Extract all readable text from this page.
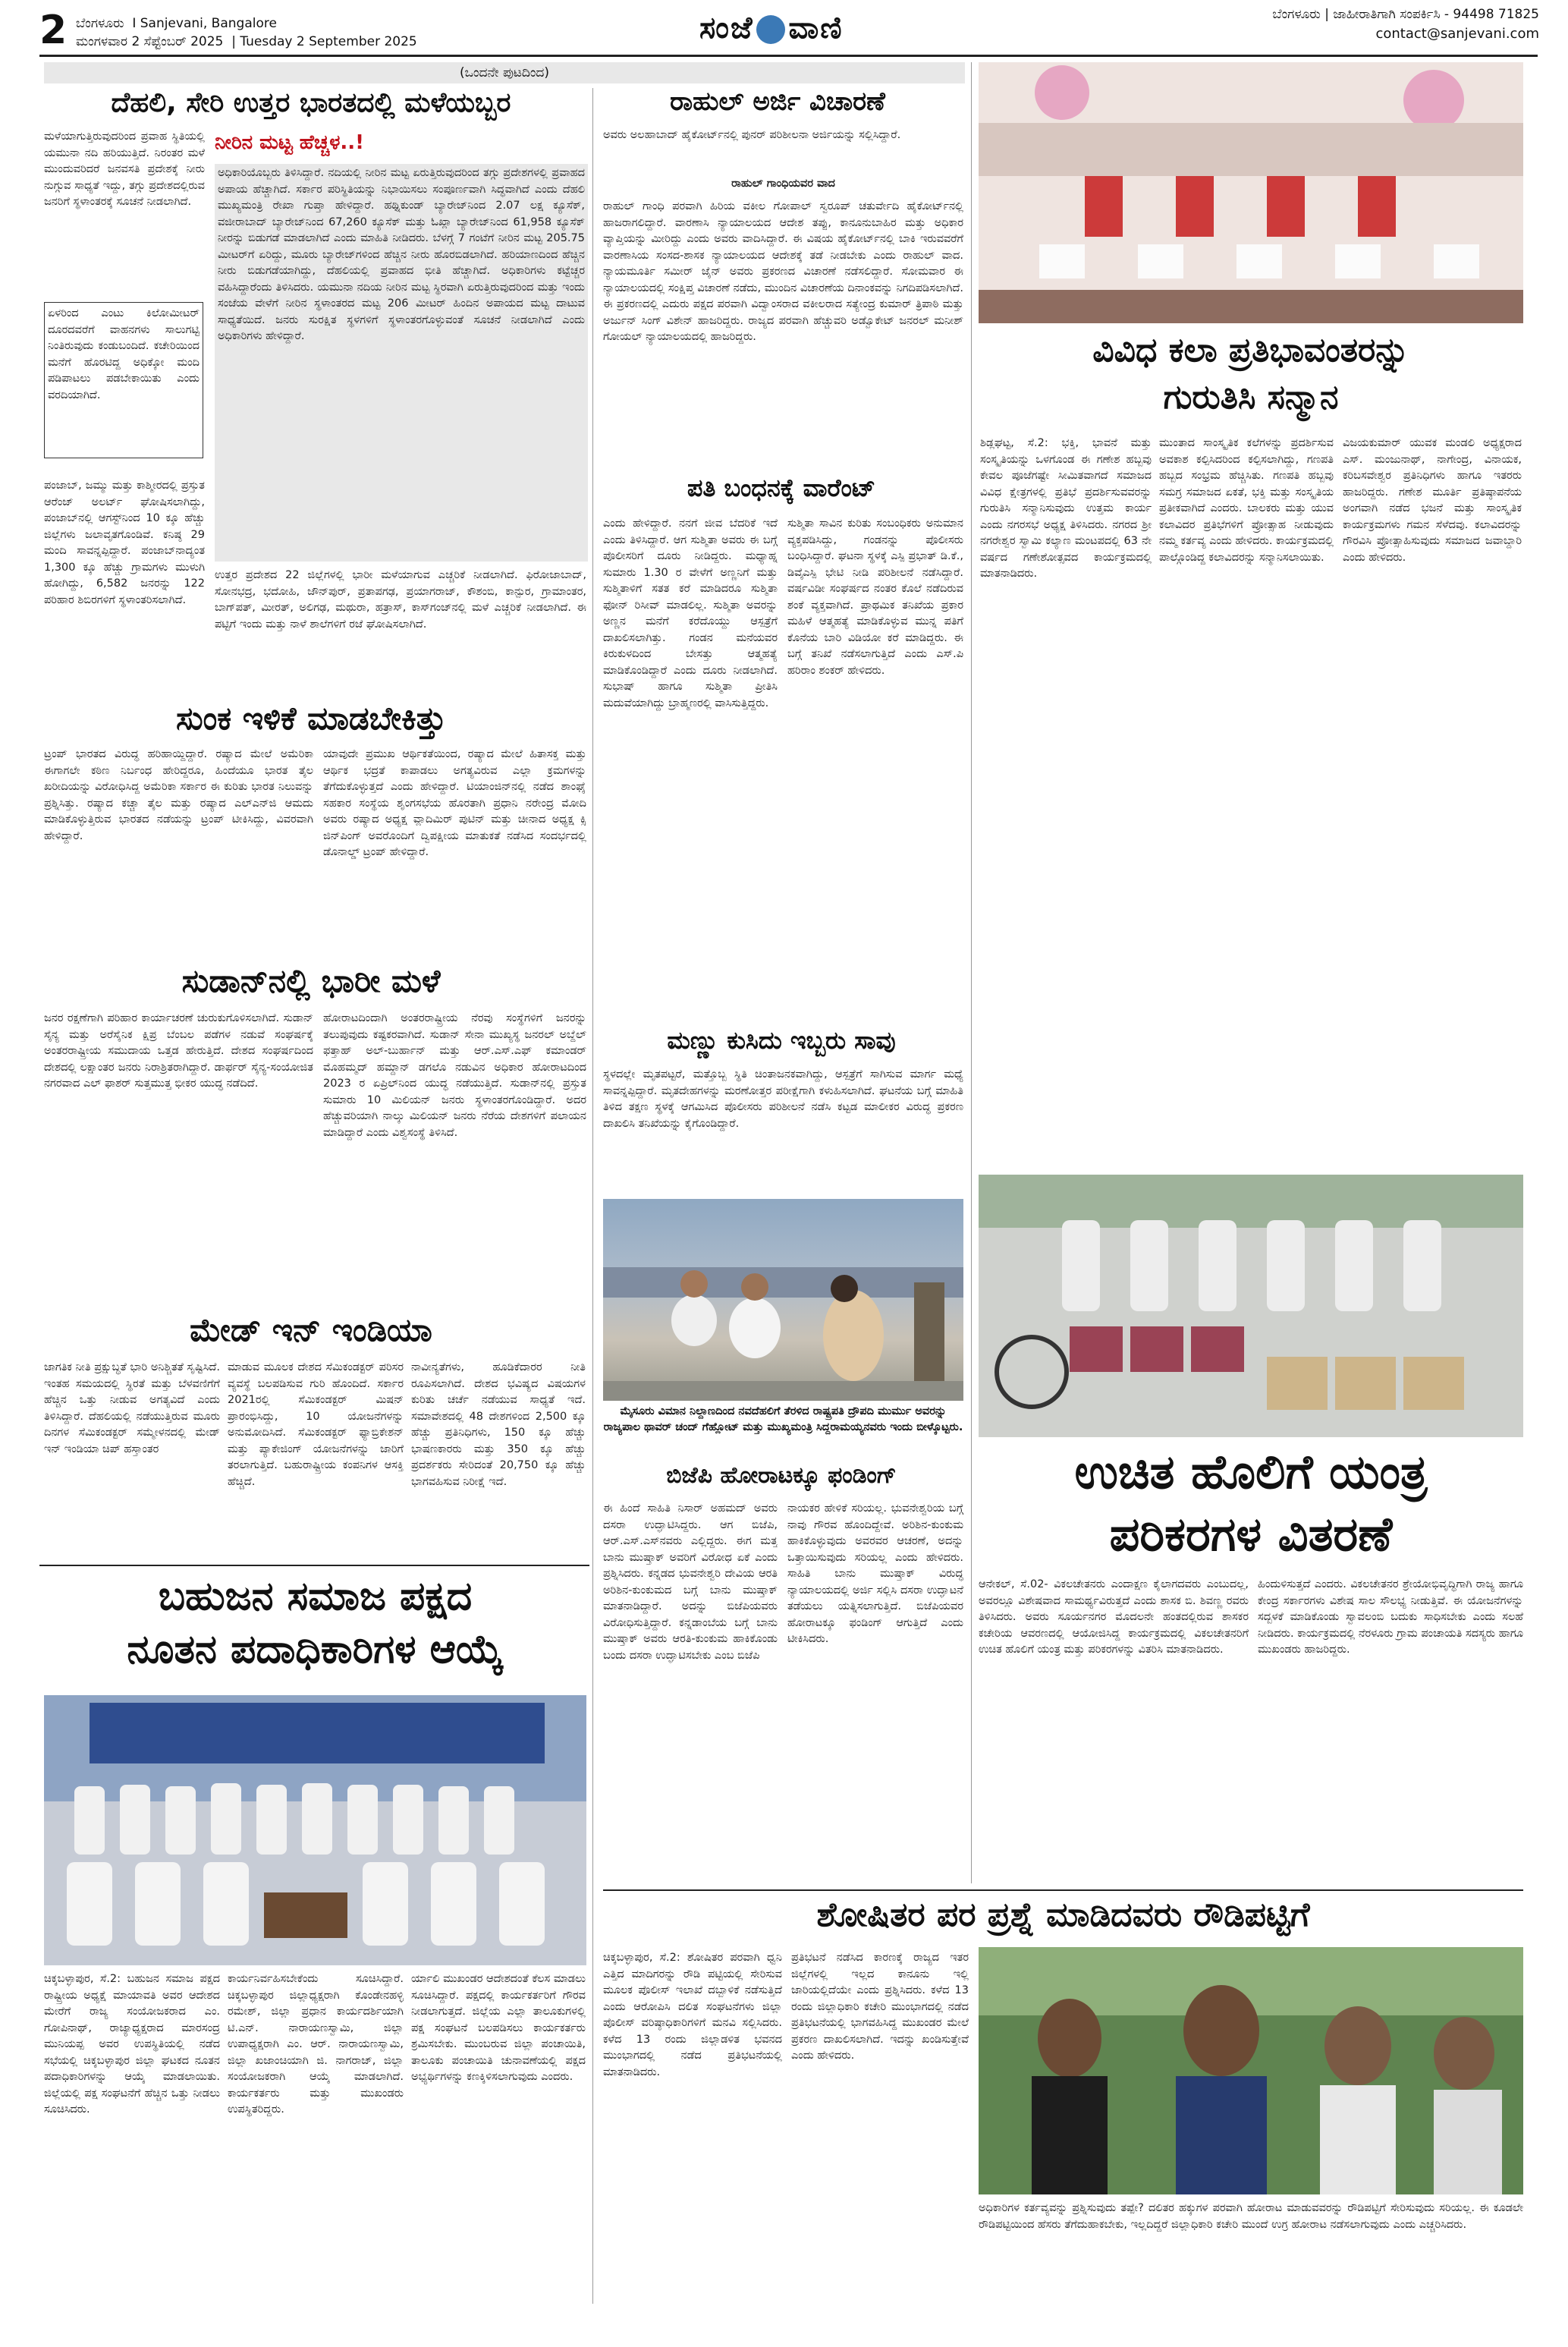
2 ಬೆಂಗಳೂರು I Sanjevani, Bangalore
ಮಂಗಳವಾರ 2 ಸೆಪ್ಟೆಂಬರ್ 2025 | Tuesday 2 September 2025	ಸಂಜೆ ವಾಣಿ	ಬೆಂಗಳೂರು | ಜಾಹೀರಾತಿಗಾಗಿ ಸಂಪರ್ಕಿಸಿ - 94498 71825
contact@sanjevani.com
(ಒಂದನೇ ಪುಟದಿಂದ)
ದೆಹಲಿ, ಸೇರಿ ಉತ್ತರ ಭಾರತದಲ್ಲಿ ಮಳೆಯಬ್ಬರ
ಮಳೆಯಾಗುತ್ತಿರುವುದರಿಂದ ಪ್ರವಾಹ ಸ್ಥಿತಿಯಲ್ಲಿ ಯಮುನಾ ನದಿ ಹರಿಯುತ್ತಿದೆ. ನಿರಂತರ ಮಳೆ ಮುಂದುವರಿದರೆ ಜನವಸತಿ ಪ್ರದೇಶಕ್ಕೆ ನೀರು ನುಗ್ಗುವ ಸಾಧ್ಯತೆ ಇದ್ದು, ತಗ್ಗು ಪ್ರದೇಶದಲ್ಲಿರುವ ಜನರಿಗೆ ಸ್ಥಳಾಂತರಕ್ಕೆ ಸೂಚನೆ ನೀಡಲಾಗಿದೆ.
ಏಳರಿಂದ ಎಂಟು ಕಿಲೋಮೀಟರ್ ದೂರದವರೆಗೆ ವಾಹನಗಳು ಸಾಲುಗಟ್ಟಿ ನಿಂತಿರುವುದು ಕಂಡುಬಂದಿದೆ. ಕಚೇರಿಯಿಂದ ಮನೆಗೆ ಹೊರಟಿದ್ದ ಅಧಿಕ್ಕೋ ಮಂದಿ ಪಡಿಪಾಟಲು ಪಡಬೇಕಾಯಿತು ಎಂದು ವರದಿಯಾಗಿದೆ.
ಪಂಜಾಬ್, ಜಮ್ಮು ಮತ್ತು ಕಾಶ್ಮೀರದಲ್ಲಿ ಪ್ರಸ್ತುತ ಆರೆಂಜ್ ಅಲರ್ಟ್ ಘೋಷಿಸಲಾಗಿದ್ದು, ಪಂಜಾಬ್‌ನಲ್ಲಿ ಆಗಸ್ಟ್‌ನಿಂದ 10 ಕ್ಕೂ ಹೆಚ್ಚು ಜಿಲ್ಲೆಗಳು ಜಲಾವೃತಗೊಂಡಿವೆ. ಕನಿಷ್ಠ 29 ಮಂದಿ ಸಾವನ್ನಪ್ಪಿದ್ದಾರೆ. ಪಂಜಾಬ್‌ನಾದ್ಯಂತ 1,300 ಕ್ಕೂ ಹೆಚ್ಚು ಗ್ರಾಮಗಳು ಮುಳುಗಿ ಹೋಗಿದ್ದು, 6,582 ಜನರನ್ನು 122 ಪರಿಹಾರ ಶಿಬಿರಗಳಿಗೆ ಸ್ಥಳಾಂತರಿಸಲಾಗಿದೆ.
ನೀರಿನ ಮಟ್ಟ ಹೆಚ್ಚಳ..!
ಅಧಿಕಾರಿಯೊಬ್ಬರು ತಿಳಿಸಿದ್ದಾರೆ. ನದಿಯಲ್ಲಿ ನೀರಿನ ಮಟ್ಟ ಏರುತ್ತಿರುವುದರಿಂದ ತಗ್ಗು ಪ್ರದೇಶಗಳಲ್ಲಿ ಪ್ರವಾಹದ ಅಪಾಯ ಹೆಚ್ಚಾಗಿದೆ. ಸರ್ಕಾರ ಪರಿಸ್ಥಿತಿಯನ್ನು ನಿಭಾಯಿಸಲು ಸಂಪೂರ್ಣವಾಗಿ ಸಿದ್ಧವಾಗಿದೆ ಎಂದು ದೆಹಲಿ ಮುಖ್ಯಮಂತ್ರಿ ರೇಖಾ ಗುಪ್ತಾ ಹೇಳಿದ್ದಾರೆ. ಹಥ್ನಿಕುಂಡ್ ಬ್ಯಾರೇಜ್‌ನಿಂದ 2.07 ಲಕ್ಷ ಕ್ಯೂಸೆಕ್, ವಜೀರಾಬಾದ್ ಬ್ಯಾರೇಜ್‌ನಿಂದ 67,260 ಕ್ಯೂಸೆಕ್ ಮತ್ತು ಓಖ್ಲಾ ಬ್ಯಾರೇಜ್‌ನಿಂದ 61,958 ಕ್ಯೂಸೆಕ್ ನೀರನ್ನು ಬಿಡುಗಡೆ ಮಾಡಲಾಗಿದೆ ಎಂದು ಮಾಹಿತಿ ನೀಡಿದರು. ಬೆಳಗ್ಗೆ 7 ಗಂಟೆಗೆ ನೀರಿನ ಮಟ್ಟ 205.75 ಮೀಟರ್‌ಗೆ ಏರಿದ್ದು, ಮೂರು ಬ್ಯಾರೇಜ್‌ಗಳಿಂದ ಹೆಚ್ಚಿನ ನೀರು ಹೊರಬಿಡಲಾಗಿದೆ. ಹರಿಯಾಣದಿಂದ ಹೆಚ್ಚಿನ ನೀರು ಬಿಡುಗಡೆಯಾಗಿದ್ದು, ದೆಹಲಿಯಲ್ಲಿ ಪ್ರವಾಹದ ಭೀತಿ ಹೆಚ್ಚಾಗಿದೆ. ಅಧಿಕಾರಿಗಳು ಕಟ್ಟೆಚ್ಚರ ವಹಿಸಿದ್ದಾರೆಂದು ತಿಳಿಸಿದರು. ಯಮುನಾ ನದಿಯ ನೀರಿನ ಮಟ್ಟ ಸ್ಥಿರವಾಗಿ ಏರುತ್ತಿರುವುದರಿಂದ ಮತ್ತು ಇಂದು ಸಂಜೆಯ ವೇಳೆಗೆ ನೀರಿನ ಸ್ಥಳಾಂತರದ ಮಟ್ಟ 206 ಮೀಟರ್ ಹಿಂದಿನ ಅಪಾಯದ ಮಟ್ಟ ದಾಟುವ ಸಾಧ್ಯತೆಯಿದೆ. ಜನರು ಸುರಕ್ಷಿತ ಸ್ಥಳಗಳಿಗೆ ಸ್ಥಳಾಂತರಗೊಳ್ಳುವಂತೆ ಸೂಚನೆ ನೀಡಲಾಗಿದೆ ಎಂದು ಅಧಿಕಾರಿಗಳು ಹೇಳಿದ್ದಾರೆ.
ಉತ್ತರ ಪ್ರದೇಶದ 22 ಜಿಲ್ಲೆಗಳಲ್ಲಿ ಭಾರೀ ಮಳೆಯಾಗುವ ಎಚ್ಚರಿಕೆ ನೀಡಲಾಗಿದೆ. ಫಿರೋಜಾಬಾದ್, ಸೋನಭದ್ರ, ಭದೋಹಿ, ಜೌನ್‌ಪುರ್, ಪ್ರತಾಪಗಢ, ಪ್ರಯಾಗರಾಜ್, ಕೌಶಂಬಿ, ಕಾನ್ಪುರ, ಗ್ರಾಮಾಂತರ, ಬಾಗ್‌ಪತ್, ಮೀರತ್, ಅಲಿಗಢ, ಮಥುರಾ, ಹತ್ರಾಸ್, ಕಾಸ್‌ಗಂಜ್‌ನಲ್ಲಿ ಮಳೆ ಎಚ್ಚರಿಕೆ ನೀಡಲಾಗಿದೆ. ಈ ಪಟ್ಟಿಗೆ ಇಂದು ಮತ್ತು ನಾಳೆ ಶಾಲೆಗಳಿಗೆ ರಜೆ ಘೋಷಿಸಲಾಗಿದೆ.
ರಾಹುಲ್ ಅರ್ಜಿ ವಿಚಾರಣೆ
ಅವರು ಅಲಹಾಬಾದ್ ಹೈಕೋರ್ಟ್‌ನಲ್ಲಿ ಪುನರ್ ಪರಿಶೀಲನಾ ಅರ್ಜಿಯನ್ನು ಸಲ್ಲಿಸಿದ್ದಾರೆ.
ರಾಹುಲ್ ಗಾಂಧಿಯವರ ವಾದ
ರಾಹುಲ್ ಗಾಂಧಿ ಪರವಾಗಿ ಹಿರಿಯ ವಕೀಲ ಗೋಪಾಲ್ ಸ್ವರೂಪ್ ಚತುರ್ವೇದಿ ಹೈಕೋರ್ಟ್‌ನಲ್ಲಿ ಹಾಜರಾಗಲಿದ್ದಾರೆ. ವಾರಣಾಸಿ ನ್ಯಾಯಾಲಯದ ಆದೇಶ ತಪ್ಪು, ಕಾನೂನುಬಾಹಿರ ಮತ್ತು ಅಧಿಕಾರ ವ್ಯಾಪ್ತಿಯನ್ನು ಮೀರಿದ್ದು ಎಂದು ಅವರು ವಾದಿಸಿದ್ದಾರೆ. ಈ ವಿಷಯ ಹೈಕೋರ್ಟ್‌ನಲ್ಲಿ ಬಾಕಿ ಇರುವವರೆಗೆ ವಾರಣಾಸಿಯ ಸಂಸದ-ಶಾಸಕ ನ್ಯಾಯಾಲಯದ ಆದೇಶಕ್ಕೆ ತಡೆ ನೀಡಬೇಕು ಎಂದು ರಾಹುಲ್ ವಾದ. ನ್ಯಾಯಮೂರ್ತಿ ಸಮೀರ್ ಜೈನ್ ಅವರು ಪ್ರಕರಣದ ವಿಚಾರಣೆ ನಡೆಸಲಿದ್ದಾರೆ. ಸೋಮವಾರ ಈ ನ್ಯಾಯಾಲಯದಲ್ಲಿ ಸಂಕ್ಷಿಪ್ತ ವಿಚಾರಣೆ ನಡೆದು, ಮುಂದಿನ ವಿಚಾರಣೆಯ ದಿನಾಂಕವನ್ನು ನಿಗದಿಪಡಿಸಲಾಗಿದೆ. ಈ ಪ್ರಕರಣದಲ್ಲಿ ಎದುರು ಪಕ್ಷದ ಪರವಾಗಿ ವಿದ್ವಾಂಸರಾದ ವಕೀಲರಾದ ಸತ್ಯೇಂದ್ರ ಕುಮಾರ್ ತ್ರಿಪಾಠಿ ಮತ್ತು ಅರ್ಜುನ್ ಸಿಂಗ್ ವಿಶೇನ್ ಹಾಜರಿದ್ದರು. ರಾಜ್ಯದ ಪರವಾಗಿ ಹೆಚ್ಚುವರಿ ಅಡ್ವೊಕೇಟ್ ಜನರಲ್ ಮನೀಶ್ ಗೋಯಲ್ ನ್ಯಾಯಾಲಯದಲ್ಲಿ ಹಾಜರಿದ್ದರು.
ಪತಿ ಬಂಧನಕ್ಕೆ ವಾರೆಂಟ್
ಎಂದು ಹೇಳಿದ್ದಾರೆ. ನನಗೆ ಜೀವ ಬೆದರಿಕೆ ಇದೆ ಎಂದು ತಿಳಿಸಿದ್ದಾರೆ. ಆಗ ಸುಶ್ಮಿತಾ ಅವರು ಈ ಬಗ್ಗೆ ಪೊಲೀಸರಿಗೆ ದೂರು ನೀಡಿದ್ದರು. ಮಧ್ಯಾಹ್ನ ಸುಮಾರು 1.30 ರ ವೇಳೆಗೆ ಅಣ್ಣನಿಗೆ ಮತ್ತು ಸುಶ್ಮಿತಾಳಿಗೆ ಸತತ ಕರೆ ಮಾಡಿದರೂ ಸುಶ್ಮಿತಾ ಫೋನ್ ರಿಸೀವ್ ಮಾಡಲಿಲ್ಲ. ಸುಶ್ಮಿತಾ ಅವರನ್ನು ಅಣ್ಣನ ಮನೆಗೆ ಕರೆದೊಯ್ದು ಆಸ್ಪತ್ರೆಗೆ ದಾಖಲಿಸಲಾಗಿತ್ತು. ಗಂಡನ ಮನೆಯವರ ಕಿರುಕುಳದಿಂದ ಬೇಸತ್ತು ಆತ್ಮಹತ್ಯೆ ಮಾಡಿಕೊಂಡಿದ್ದಾರೆ ಎಂದು ದೂರು ನೀಡಲಾಗಿದೆ. ಸುಭಾಷ್ ಹಾಗೂ ಸುಶ್ಮಿತಾ ಪ್ರೀತಿಸಿ ಮದುವೆಯಾಗಿದ್ದು ಬ್ರಾಹ್ಮಣರಲ್ಲಿ ವಾಸಿಸುತ್ತಿದ್ದರು.
ಸುಶ್ಮಿತಾ ಸಾವಿನ ಕುರಿತು ಸಂಬಂಧಿಕರು ಅನುಮಾನ ವ್ಯಕ್ತಪಡಿಸಿದ್ದು, ಗಂಡನನ್ನು ಪೊಲೀಸರು ಬಂಧಿಸಿದ್ದಾರೆ. ಘಟನಾ ಸ್ಥಳಕ್ಕೆ ಎಸ್ಪಿ ಪ್ರಭಾತ್ ಡಿ.ಕೆ., ಡಿವೈಎಸ್ಪಿ ಭೇಟಿ ನೀಡಿ ಪರಿಶೀಲನೆ ನಡೆಸಿದ್ದಾರೆ. ವರ್ಷವಿಡೀ ಸಂಘರ್ಷದ ನಂತರ ಕೊಲೆ ನಡೆದಿರುವ ಶಂಕೆ ವ್ಯಕ್ತವಾಗಿದೆ. ಪ್ರಾಥಮಿಕ ತನಿಖೆಯ ಪ್ರಕಾರ ಮಹಿಳೆ ಆತ್ಮಹತ್ಯೆ ಮಾಡಿಕೊಳ್ಳುವ ಮುನ್ನ ಪತಿಗೆ ಕೊನೆಯ ಬಾರಿ ವಿಡಿಯೋ ಕರೆ ಮಾಡಿದ್ದರು. ಈ ಬಗ್ಗೆ ತನಿಖೆ ನಡೆಸಲಾಗುತ್ತಿದೆ ಎಂದು ಎಸ್.ಪಿ ಹರಿರಾಂ ಶಂಕರ್ ಹೇಳಿದರು.
ಮಣ್ಣು ಕುಸಿದು ಇಬ್ಬರು ಸಾವು
ಸ್ಥಳದಲ್ಲೇ ಮೃತಪಟ್ಟರೆ, ಮತ್ತೊಬ್ಬ ಸ್ಥಿತಿ ಚಿಂತಾಜನಕವಾಗಿದ್ದು, ಆಸ್ಪತ್ರೆಗೆ ಸಾಗಿಸುವ ಮಾರ್ಗ ಮಧ್ಯೆ ಸಾವನ್ನಪ್ಪಿದ್ದಾರೆ. ಮೃತದೇಹಗಳನ್ನು ಮರಣೋತ್ತರ ಪರೀಕ್ಷೆಗಾಗಿ ಕಳುಹಿಸಲಾಗಿದೆ. ಘಟನೆಯ ಬಗ್ಗೆ ಮಾಹಿತಿ ತಿಳಿದ ತಕ್ಷಣ ಸ್ಥಳಕ್ಕೆ ಆಗಮಿಸಿದ ಪೊಲೀಸರು ಪರಿಶೀಲನೆ ನಡೆಸಿ ಕಟ್ಟಡ ಮಾಲೀಕರ ವಿರುದ್ಧ ಪ್ರಕರಣ ದಾಖಲಿಸಿ ತನಿಖೆಯನ್ನು ಕೈಗೊಂಡಿದ್ದಾರೆ.
ಮೈಸೂರು ವಿಮಾನ ನಿಲ್ದಾಣದಿಂದ ನವದೆಹಲಿಗೆ ತೆರಳಿದ ರಾಷ್ಟ್ರಪತಿ ದ್ರೌಪದಿ ಮುರ್ಮು ಅವರನ್ನು ರಾಜ್ಯಪಾಲ ಥಾವರ್ ಚಂದ್ ಗೆಹ್ಲೋಟ್ ಮತ್ತು ಮುಖ್ಯಮಂತ್ರಿ ಸಿದ್ದರಾಮಯ್ಯನವರು ಇಂದು ಬೀಳ್ಕೊಟ್ಟರು.
ಬಿಜೆಪಿ ಹೋರಾಟಕ್ಕೂ ಫಂಡಿಂಗ್
ಈ ಹಿಂದೆ ಸಾಹಿತಿ ನಿಸಾರ್ ಅಹಮದ್ ಅವರು ದಸರಾ ಉದ್ಘಾಟಿಸಿದ್ದರು. ಆಗ ಬಿಜೆಪಿ, ಆರ್.ಎಸ್.ಎಸ್‌ನವರು ಎಲ್ಲಿದ್ದರು. ಈಗ ಮತ್ತ ಬಾನು ಮುಷ್ತಾಕ್ ಅವರಿಗೆ ವಿರೋಧ ಏಕೆ ಎಂದು ಪ್ರಶ್ನಿಸಿದರು. ಕನ್ನಡದ ಭುವನೇಶ್ವರಿ ದೇವಿಯ ಆರತಿ ಅರಿಶಿನ-ಕುಂಕುಮದ ಬಗ್ಗೆ ಬಾನು ಮುಷ್ತಾಕ್ ಮಾತನಾಡಿದ್ದಾರೆ. ಅದನ್ನು ಬಿಜೆಪಿಯವರು ವಿರೋಧಿಸುತ್ತಿದ್ದಾರೆ. ಕನ್ನಡಾಂಬೆಯ ಬಗ್ಗೆ ಬಾನು ಮುಷ್ತಾಕ್ ಅವರು ಆರತಿ-ಕುಂಕುಮ ಹಾಕಿಕೊಂಡು ಬಂದು ದಸರಾ ಉದ್ಘಾಟಿಸಬೇಕು ಎಂಬ ಬಿಜೆಪಿ
ನಾಯಕರ ಹೇಳಿಕೆ ಸರಿಯಲ್ಲ. ಭುವನೇಶ್ವರಿಯ ಬಗ್ಗೆ ನಾವು ಗೌರವ ಹೊಂದಿದ್ದೇವೆ. ಅರಿಶಿನ-ಕುಂಕುಮ ಹಾಕಿಕೊಳ್ಳುವುದು ಅವರವರ ಆಚರಣೆ, ಅದನ್ನು ಒತ್ತಾಯಿಸುವುದು ಸರಿಯಲ್ಲ ಎಂದು ಹೇಳಿದರು. ಸಾಹಿತಿ ಬಾನು ಮುಷ್ತಾಕ್ ವಿರುದ್ಧ ನ್ಯಾಯಾಲಯದಲ್ಲಿ ಅರ್ಜಿ ಸಲ್ಲಿಸಿ ದಸರಾ ಉದ್ಘಾಟನೆ ತಡೆಯಲು ಯತ್ನಿಸಲಾಗುತ್ತಿದೆ. ಬಿಜೆಪಿಯವರ ಹೋರಾಟಕ್ಕೂ ಫಂಡಿಂಗ್ ಆಗುತ್ತಿದೆ ಎಂದು ಟೀಕಿಸಿದರು.
ಸುಂಕ ಇಳಿಕೆ ಮಾಡಬೇಕಿತ್ತು
ಟ್ರಂಪ್ ಭಾರತದ ವಿರುದ್ಧ ಹರಿಹಾಯ್ದಿದ್ದಾರೆ. ರಷ್ಯಾದ ಮೇಲೆ ಅಮೆರಿಕಾ ಈಗಾಗಲೇ ಕಠಿಣ ನಿರ್ಬಂಧ ಹೇರಿದ್ದರೂ, ಹಿಂದೆಯೂ ಭಾರತ ತೈಲ ಖರೀದಿಯನ್ನು ವಿರೋಧಿಸಿದ್ದ ಅಮೆರಿಕಾ ಸರ್ಕಾರ ಈ ಕುರಿತು ಭಾರತ ನಿಲುವನ್ನು ಪ್ರಶ್ನಿಸಿತ್ತು. ರಷ್ಯಾದ ಕಚ್ಚಾ ತೈಲ ಮತ್ತು ರಷ್ಯಾದ ಎಲ್‌ಎನ್‌ಜಿ ಆಮದು ಮಾಡಿಕೊಳ್ಳುತ್ತಿರುವ ಭಾರತದ ನಡೆಯನ್ನು ಟ್ರಂಪ್ ಟೀಕಿಸಿದ್ದು, ವಿವರವಾಗಿ ಹೇಳಿದ್ದಾರೆ.
ಯಾವುದೇ ಪ್ರಮುಖ ಆರ್ಥಿಕತೆಯಿಂದ, ರಷ್ಯಾದ ಮೇಲೆ ಹಿತಾಸಕ್ತ ಮತ್ತು ಆರ್ಥಿಕ ಭದ್ರತೆ ಕಾಪಾಡಲು ಅಗತ್ಯವಿರುವ ಎಲ್ಲಾ ಕ್ರಮಗಳನ್ನು ತೆಗೆದುಕೊಳ್ಳುತ್ತದೆ ಎಂದು ಹೇಳಿದ್ದಾರೆ. ಟಿಯಾಂಜಿನ್‌ನಲ್ಲಿ ನಡೆದ ಶಾಂಘೈ ಸಹಕಾರ ಸಂಸ್ಥೆಯ ಶೃಂಗಸಭೆಯ ಹೊರತಾಗಿ ಪ್ರಧಾನಿ ನರೇಂದ್ರ ಮೋದಿ ಅವರು ರಷ್ಯಾದ ಅಧ್ಯಕ್ಷ ವ್ಲಾದಿಮಿರ್ ಪುಟಿನ್ ಮತ್ತು ಚೀನಾದ ಅಧ್ಯಕ್ಷ ಕ್ಸಿ ಜಿನ್‌ಪಿಂಗ್ ಅವರೊಂದಿಗೆ ದ್ವಿಪಕ್ಷೀಯ ಮಾತುಕತೆ ನಡೆಸಿದ ಸಂದರ್ಭದಲ್ಲಿ ಡೊನಾಲ್ಡ್ ಟ್ರಂಪ್ ಹೇಳಿದ್ದಾರೆ.
ಸುಡಾನ್‌ನಲ್ಲಿ ಭಾರೀ ಮಳೆ
ಜನರ ರಕ್ಷಣೆಗಾಗಿ ಪರಿಹಾರ ಕಾರ್ಯಾಚರಣೆ ಚುರುಕುಗೊಳಿಸಲಾಗಿದೆ. ಸುಡಾನ್ ಸೈನ್ಯ ಮತ್ತು ಅರೆಸೈನಿಕ ಕ್ಷಿಪ್ರ ಬೆಂಬಲ ಪಡೆಗಳ ನಡುವೆ ಸಂಘರ್ಷಕ್ಕೆ ಅಂತರರಾಷ್ಟ್ರೀಯ ಸಮುದಾಯ ಒತ್ತಡ ಹೇರುತ್ತಿದೆ. ದೇಶದ ಸಂಘರ್ಷದಿಂದ ದೇಶದಲ್ಲಿ ಲಕ್ಷಾಂತರ ಜನರು ನಿರಾಶ್ರಿತರಾಗಿದ್ದಾರೆ. ಡಾರ್ಫರ್ ಸೈನ್ಯ-ಸಂಯೋಜಿತ ನಗರವಾದ ಎಲ್ ಫಾಶರ್ ಸುತ್ತಮುತ್ತ ಭೀಕರ ಯುದ್ಧ ನಡೆದಿದೆ.
ಹೋರಾಟದಿಂದಾಗಿ ಅಂತರರಾಷ್ಟ್ರೀಯ ನೆರವು ಸಂಸ್ಥೆಗಳಿಗೆ ಜನರನ್ನು ತಲುಪುವುದು ಕಷ್ಟಕರವಾಗಿದೆ. ಸುಡಾನ್ ಸೇನಾ ಮುಖ್ಯಸ್ಥ ಜನರಲ್ ಅಬ್ದೆಲ್ ಫತ್ತಾಹ್ ಅಲ್-ಬುರ್ಹಾನ್ ಮತ್ತು ಆರ್.ಎಸ್.ಎಫ್ ಕಮಾಂಡರ್ ಮೊಹಮ್ಮದ್ ಹಮ್ದಾನ್ ಡಗಲೊ ನಡುವಿನ ಅಧಿಕಾರ ಹೋರಾಟದಿಂದ 2023 ರ ಏಪ್ರಿಲ್‌ನಿಂದ ಯುದ್ಧ ನಡೆಯುತ್ತಿದೆ. ಸುಡಾನ್‌ನಲ್ಲಿ ಪ್ರಸ್ತುತ ಸುಮಾರು 10 ಮಿಲಿಯನ್ ಜನರು ಸ್ಥಳಾಂತರಗೊಂಡಿದ್ದಾರೆ. ಅದರ ಹೆಚ್ಚುವರಿಯಾಗಿ ನಾಲ್ಕು ಮಿಲಿಯನ್ ಜನರು ನೆರೆಯ ದೇಶಗಳಿಗೆ ಪಲಾಯನ ಮಾಡಿದ್ದಾರೆ ಎಂದು ವಿಶ್ವಸಂಸ್ಥೆ ತಿಳಿಸಿದೆ.
ಮೇಡ್ ಇನ್ ಇಂಡಿಯಾ
ಜಾಗತಿಕ ನೀತಿ ಪ್ರಕ್ಷುಬ್ಧತೆ ಭಾರಿ ಅನಿಶ್ಚಿತತೆ ಸೃಷ್ಟಿಸಿದೆ. ಇಂತಹ ಸಮಯದಲ್ಲಿ ಸ್ಥಿರತೆ ಮತ್ತು ಬೆಳವಣಿಗೆಗೆ ಹೆಚ್ಚಿನ ಒತ್ತು ನೀಡುವ ಅಗತ್ಯವಿದೆ ಎಂದು ತಿಳಿಸಿದ್ದಾರೆ. ದೆಹಲಿಯಲ್ಲಿ ನಡೆಯುತ್ತಿರುವ ಮೂರು ದಿನಗಳ ಸೆಮಿಕಂಡಕ್ಟರ್ ಸಮ್ಮೇಳನದಲ್ಲಿ ಮೇಡ್ ಇನ್ ಇಂಡಿಯಾ ಚಿಪ್ ಹಸ್ತಾಂತರ
ಮಾಡುವ ಮೂಲಕ ದೇಶದ ಸೆಮಿಕಂಡಕ್ಟರ್ ಪರಿಸರ ವ್ಯವಸ್ಥೆ ಬಲಪಡಿಸುವ ಗುರಿ ಹೊಂದಿದೆ. ಸರ್ಕಾರ 2021ರಲ್ಲಿ ಸೆಮಿಕಂಡಕ್ಟರ್ ಮಿಷನ್ ಪ್ರಾರಂಭಿಸಿದ್ದು, 10 ಯೋಜನೆಗಳನ್ನು ಅನುಮೋದಿಸಿದೆ. ಸೆಮಿಕಂಡಕ್ಟರ್ ಫ್ಯಾಬ್ರಿಕೇಶನ್ ಮತ್ತು ಪ್ಯಾಕೇಜಿಂಗ್ ಯೋಜನೆಗಳನ್ನು ಜಾರಿಗೆ ತರಲಾಗುತ್ತಿದೆ. ಬಹುರಾಷ್ಟ್ರೀಯ ಕಂಪನಿಗಳ ಆಸಕ್ತಿ ಹೆಚ್ಚಿದೆ.
ನಾವೀನ್ಯತೆಗಳು, ಹೂಡಿಕೆದಾರರ ನೀತಿ ರೂಪಿಸಲಾಗಿದೆ. ದೇಶದ ಭವಿಷ್ಯದ ವಿಷಯಗಳ ಕುರಿತು ಚರ್ಚೆ ನಡೆಯುವ ಸಾಧ್ಯತೆ ಇದೆ. ಸಮಾವೇಶದಲ್ಲಿ 48 ದೇಶಗಳಿಂದ 2,500 ಕ್ಕೂ ಹೆಚ್ಚು ಪ್ರತಿನಿಧಿಗಳು, 150 ಕ್ಕೂ ಹೆಚ್ಚು ಭಾಷಣಕಾರರು ಮತ್ತು 350 ಕ್ಕೂ ಹೆಚ್ಚು ಪ್ರದರ್ಶಕರು ಸೇರಿದಂತೆ 20,750 ಕ್ಕೂ ಹೆಚ್ಚು ಭಾಗವಹಿಸುವ ನಿರೀಕ್ಷೆ ಇದೆ.
ಬಹುಜನ ಸಮಾಜ ಪಕ್ಷದ
ನೂತನ ಪದಾಧಿಕಾರಿಗಳ ಆಯ್ಕೆ
ಚಿಕ್ಕಬಳ್ಳಾಪುರ, ಸೆ.2: ಬಹುಜನ ಸಮಾಜ ಪಕ್ಷದ ರಾಷ್ಟ್ರೀಯ ಅಧ್ಯಕ್ಷೆ ಮಾಯಾವತಿ ಅವರ ಆದೇಶದ ಮೇರೆಗೆ ರಾಜ್ಯ ಸಂಯೋಜಕರಾದ ಎಂ. ಗೋಪಿನಾಥ್, ರಾಜ್ಯಾಧ್ಯಕ್ಷರಾದ ಮಾರಸಂದ್ರ ಮುನಿಯಪ್ಪ ಅವರ ಉಪಸ್ಥಿತಿಯಲ್ಲಿ ನಡೆದ ಸಭೆಯಲ್ಲಿ ಚಿಕ್ಕಬಳ್ಳಾಪುರ ಜಿಲ್ಲಾ ಘಟಕದ ನೂತನ ಪದಾಧಿಕಾರಿಗಳನ್ನು ಆಯ್ಕೆ ಮಾಡಲಾಯಿತು. ಜಿಲ್ಲೆಯಲ್ಲಿ ಪಕ್ಷ ಸಂಘಟನೆಗೆ ಹೆಚ್ಚಿನ ಒತ್ತು ನೀಡಲು ಸೂಚಿಸಿದರು.
ಕಾರ್ಯನಿರ್ವಹಿಸಬೇಕೆಂದು ಸೂಚಿಸಿದ್ದಾರೆ. ಚಿಕ್ಕಬಳ್ಳಾಪುರ ಜಿಲ್ಲಾಧ್ಯಕ್ಷರಾಗಿ ಕೊಂಡೇನಹಳ್ಳಿ ರಮೇಶ್, ಜಿಲ್ಲಾ ಪ್ರಧಾನ ಕಾರ್ಯದರ್ಶಿಯಾಗಿ ಟಿ.ಎನ್. ನಾರಾಯಣಸ್ವಾಮಿ, ಜಿಲ್ಲಾ ಉಪಾಧ್ಯಕ್ಷರಾಗಿ ಎಂ. ಆರ್. ನಾರಾಯಣಸ್ವಾಮಿ, ಜಿಲ್ಲಾ ಖಜಾಂಚಿಯಾಗಿ ಜಿ. ನಾಗರಾಜ್, ಜಿಲ್ಲಾ ಸಂಯೋಜಕರಾಗಿ ಆಯ್ಕೆ ಮಾಡಲಾಗಿದೆ. ಕಾರ್ಯಕರ್ತರು ಮತ್ತು ಮುಖಂಡರು ಉಪಸ್ಥಿತರಿದ್ದರು.
ರ್ಯಾಲಿ ಮುಖಂಡರ ಆದೇಶದಂತೆ ಕೆಲಸ ಮಾಡಲು ಸೂಚಿಸಿದ್ದಾರೆ. ಪಕ್ಷದಲ್ಲಿ ಕಾರ್ಯಕರ್ತರಿಗೆ ಗೌರವ ನೀಡಲಾಗುತ್ತದೆ. ಜಿಲ್ಲೆಯ ಎಲ್ಲಾ ತಾಲೂಕುಗಳಲ್ಲಿ ಪಕ್ಷ ಸಂಘಟನೆ ಬಲಪಡಿಸಲು ಕಾರ್ಯಕರ್ತರು ಶ್ರಮಿಸಬೇಕು. ಮುಂಬರುವ ಜಿಲ್ಲಾ ಪಂಚಾಯಿತಿ, ತಾಲೂಕು ಪಂಚಾಯಿತಿ ಚುನಾವಣೆಯಲ್ಲಿ ಪಕ್ಷದ ಅಭ್ಯರ್ಥಿಗಳನ್ನು ಕಣಕ್ಕಿಳಿಸಲಾಗುವುದು ಎಂದರು.
ವಿವಿಧ ಕಲಾ ಪ್ರತಿಭಾವಂತರನ್ನು
ಗುರುತಿಸಿ ಸನ್ಮಾನ
ಶಿಡ್ಲಘಟ್ಟ, ಸೆ.2: ಭಕ್ತಿ, ಭಾವನೆ ಮತ್ತು ಸಂಸ್ಕೃತಿಯನ್ನು ಒಳಗೊಂಡ ಈ ಗಣೇಶ ಹಬ್ಬವು ಕೇವಲ ಪೂಜೆಗಷ್ಟೇ ಸೀಮಿತವಾಗದೆ ಸಮಾಜದ ವಿವಿಧ ಕ್ಷೇತ್ರಗಳಲ್ಲಿ ಪ್ರತಿಭೆ ಪ್ರದರ್ಶಿಸುವವರನ್ನು ಗುರುತಿಸಿ ಸನ್ಮಾನಿಸುವುದು ಉತ್ತಮ ಕಾರ್ಯ ಎಂದು ನಗರಸಭೆ ಅಧ್ಯಕ್ಷ ತಿಳಿಸಿದರು. ನಗರದ ಶ್ರೀ ನಗರೇಶ್ವರ ಸ್ವಾಮಿ ಕಲ್ಯಾಣ ಮಂಟಪದಲ್ಲಿ 63 ನೇ ವರ್ಷದ ಗಣೇಶೋತ್ಸವದ ಕಾರ್ಯಕ್ರಮದಲ್ಲಿ ಮಾತನಾಡಿದರು.
ಮುಂತಾದ ಸಾಂಸ್ಕೃತಿಕ ಕಲೆಗಳನ್ನು ಪ್ರದರ್ಶಿಸುವ ಅವಕಾಶ ಕಲ್ಪಿಸಿದರಿಂದ ಕಲ್ಪಿಸಲಾಗಿದ್ದು, ಗಣಪತಿ ಹಬ್ಬದ ಸಂಭ್ರಮ ಹೆಚ್ಚಿಸಿತು. ಗಣಪತಿ ಹಬ್ಬವು ಸಮಗ್ರ ಸಮಾಜದ ಏಕತೆ, ಭಕ್ತಿ ಮತ್ತು ಸಂಸ್ಕೃತಿಯ ಪ್ರತೀಕವಾಗಿದೆ ಎಂದರು. ಬಾಲಕರು ಮತ್ತು ಯುವ ಕಲಾವಿದರ ಪ್ರತಿಭೆಗಳಿಗೆ ಪ್ರೋತ್ಸಾಹ ನೀಡುವುದು ನಮ್ಮ ಕರ್ತವ್ಯ ಎಂದು ಹೇಳಿದರು. ಕಾರ್ಯಕ್ರಮದಲ್ಲಿ ಪಾಲ್ಗೊಂಡಿದ್ದ ಕಲಾವಿದರನ್ನು ಸನ್ಮಾನಿಸಲಾಯಿತು.
ವಿಜಯಕುಮಾರ್ ಯುವಕ ಮಂಡಲಿ ಅಧ್ಯಕ್ಷರಾದ ಎಸ್. ಮಂಜುನಾಥ್, ನಾಗೇಂದ್ರ, ವಿನಾಯಕ, ಕರಿಬಸವೇಶ್ವರ ಪ್ರತಿನಿಧಿಗಳು ಹಾಗೂ ಇತರರು ಹಾಜರಿದ್ದರು. ಗಣೇಶ ಮೂರ್ತಿ ಪ್ರತಿಷ್ಠಾಪನೆಯ ಅಂಗವಾಗಿ ನಡೆದ ಭಜನೆ ಮತ್ತು ಸಾಂಸ್ಕೃತಿಕ ಕಾರ್ಯಕ್ರಮಗಳು ಗಮನ ಸೆಳೆದವು. ಕಲಾವಿದರನ್ನು ಗೌರವಿಸಿ ಪ್ರೋತ್ಸಾಹಿಸುವುದು ಸಮಾಜದ ಜವಾಬ್ದಾರಿ ಎಂದು ಹೇಳಿದರು.
ಉಚಿತ ಹೊಲಿಗೆ ಯಂತ್ರ
ಪರಿಕರಗಳ ವಿತರಣೆ
ಆನೇಕಲ್, ಸೆ.02- ವಿಕಲಚೇತನರು ಎಂದಾಕ್ಷಣ ಕೈಲಾಗದವರು ಎಂಬುದಲ್ಲ, ಅವರಲ್ಲೂ ವಿಶೇಷವಾದ ಸಾಮರ್ಥ್ಯವಿರುತ್ತದೆ ಎಂದು ಶಾಸಕ ಬಿ. ಶಿವಣ್ಣ ರವರು ತಿಳಿಸಿದರು. ಅವರು ಸೂರ್ಯನಗರ ಮೊದಲನೇ ಹಂತದಲ್ಲಿರುವ ಶಾಸಕರ ಕಚೇರಿಯ ಆವರಣದಲ್ಲಿ ಆಯೋಜಿಸಿದ್ದ ಕಾರ್ಯಕ್ರಮದಲ್ಲಿ ವಿಕಲಚೇತನರಿಗೆ ಉಚಿತ ಹೊಲಿಗೆ ಯಂತ್ರ ಮತ್ತು ಪರಿಕರಗಳನ್ನು ವಿತರಿಸಿ ಮಾತನಾಡಿದರು.
ಹಿಂದುಳಿಸುತ್ತದೆ ಎಂದರು. ವಿಕಲಚೇತನರ ಶ್ರೇಯೋಭಿವೃದ್ಧಿಗಾಗಿ ರಾಜ್ಯ ಹಾಗೂ ಕೇಂದ್ರ ಸರ್ಕಾರಗಳು ವಿಶೇಷ ಸಾಲ ಸೌಲಭ್ಯ ನೀಡುತ್ತಿವೆ. ಈ ಯೋಜನೆಗಳನ್ನು ಸದ್ಬಳಕೆ ಮಾಡಿಕೊಂಡು ಸ್ವಾವಲಂಬಿ ಬದುಕು ಸಾಧಿಸಬೇಕು ಎಂದು ಸಲಹೆ ನೀಡಿದರು. ಕಾರ್ಯಕ್ರಮದಲ್ಲಿ ನೆರಳೂರು ಗ್ರಾಮ ಪಂಚಾಯತಿ ಸದಸ್ಯರು ಹಾಗೂ ಮುಖಂಡರು ಹಾಜರಿದ್ದರು.
ಶೋಷಿತರ ಪರ ಪ್ರಶ್ನೆ ಮಾಡಿದವರು ರೌಡಿಪಟ್ಟಿಗೆ
ಚಿಕ್ಕಬಳ್ಳಾಪುರ, ಸೆ.2: ಶೋಷಿತರ ಪರವಾಗಿ ಧ್ವನಿ ಎತ್ತಿದ ಮಾದಿಗರನ್ನು ರೌಡಿ ಪಟ್ಟಿಯಲ್ಲಿ ಸೇರಿಸುವ ಮೂಲಕ ಪೊಲೀಸ್ ಇಲಾಖೆ ದಬ್ಬಾಳಿಕೆ ನಡೆಸುತ್ತಿದೆ ಎಂದು ಆರೋಪಿಸಿ ದಲಿತ ಸಂಘಟನೆಗಳು ಜಿಲ್ಲಾ ಪೊಲೀಸ್ ವರಿಷ್ಠಾಧಿಕಾರಿಗಳಿಗೆ ಮನವಿ ಸಲ್ಲಿಸಿದರು. ಕಳೆದ 13 ರಂದು ಜಿಲ್ಲಾಡಳಿತ ಭವನದ ಮುಂಭಾಗದಲ್ಲಿ ನಡೆದ ಪ್ರತಿಭಟನೆಯಲ್ಲಿ ಮಾತನಾಡಿದರು.
ಪ್ರತಿಭಟನೆ ನಡೆಸಿದ ಕಾರಣಕ್ಕೆ ರಾಜ್ಯದ ಇತರ ಜಿಲ್ಲೆಗಳಲ್ಲಿ ಇಲ್ಲದ ಕಾನೂನು ಇಲ್ಲಿ ಜಾರಿಯಲ್ಲಿದೆಯೇ ಎಂದು ಪ್ರಶ್ನಿಸಿದರು. ಕಳೆದ 13 ರಂದು ಜಿಲ್ಲಾಧಿಕಾರಿ ಕಚೇರಿ ಮುಂಭಾಗದಲ್ಲಿ ನಡೆದ ಪ್ರತಿಭಟನೆಯಲ್ಲಿ ಭಾಗವಹಿಸಿದ್ದ ಮುಖಂಡರ ಮೇಲೆ ಪ್ರಕರಣ ದಾಖಲಿಸಲಾಗಿದೆ. ಇದನ್ನು ಖಂಡಿಸುತ್ತೇವೆ ಎಂದು ಹೇಳಿದರು.
ಅಧಿಕಾರಿಗಳ ಕರ್ತವ್ಯವನ್ನು ಪ್ರಶ್ನಿಸುವುದು ತಪ್ಪೇ? ದಲಿತರ ಹಕ್ಕುಗಳ ಪರವಾಗಿ ಹೋರಾಟ ಮಾಡುವವರನ್ನು ರೌಡಿಪಟ್ಟಿಗೆ ಸೇರಿಸುವುದು ಸರಿಯಲ್ಲ. ಈ ಕೂಡಲೇ ರೌಡಿಪಟ್ಟಿಯಿಂದ ಹೆಸರು ತೆಗೆದುಹಾಕಬೇಕು, ಇಲ್ಲದಿದ್ದರೆ ಜಿಲ್ಲಾಧಿಕಾರಿ ಕಚೇರಿ ಮುಂದೆ ಉಗ್ರ ಹೋರಾಟ ನಡೆಸಲಾಗುವುದು ಎಂದು ಎಚ್ಚರಿಸಿದರು.
